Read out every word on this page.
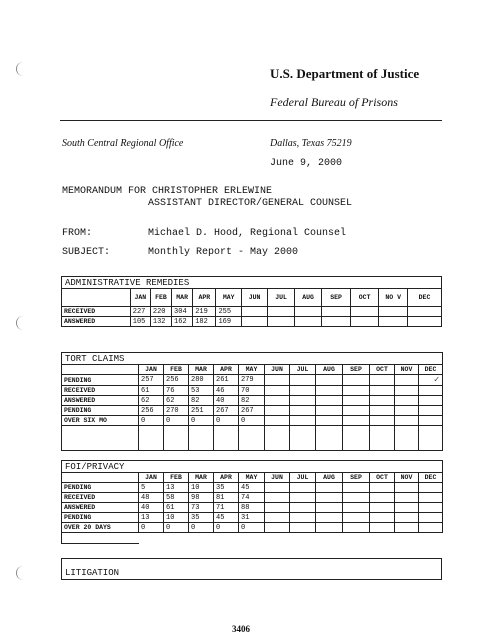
U.S. Department of Justice
Federal Bureau of Prisons
South Central Regional Office	Dallas, Texas 75219
June 9, 2000
MEMORANDUM FOR CHRISTOPHER ERLEWINE
ASSISTANT DIRECTOR/GENERAL COUNSEL
FROM:	Michael D. Hood, Regional Counsel
SUBJECT:	Monthly Report - May 2000
ADMINISTRATIVE REMEDIES												
	JAN	FEB	MAR	APR	MAY	JUN	JUL	AUG	SEP	OCT	NO V	DEC
RECEIVED	227	220	304	219	255							
ANSWERED	105	132	162	182	169							
TORT CLAIMS												
	JAN	FEB	MAR	APR	MAY	JUN	JUL	AUG	SEP	OCT	NOV	DEC
PENDING	257	256	280	261	279							✓
RECEIVED	61	76	53	46	70							
ANSWERED	62	62	82	40	82							
PENDING	256	270	251	267	267							
OVER SIX MO	0	0	0	0	0							

FOI/PRIVACY												
	JAN	FEB	MAR	APR	MAY	JUN	JUL	AUG	SEP	OCT	NOV	DEC
PENDING	5	13	10	35	45							
RECEIVED	48	58	98	81	74							
ANSWERED	40	61	73	71	88							
PENDING	13	10	35	45	31							
OVER 20 DAYS	0	0	0	0	0							

LITIGATION
3406
